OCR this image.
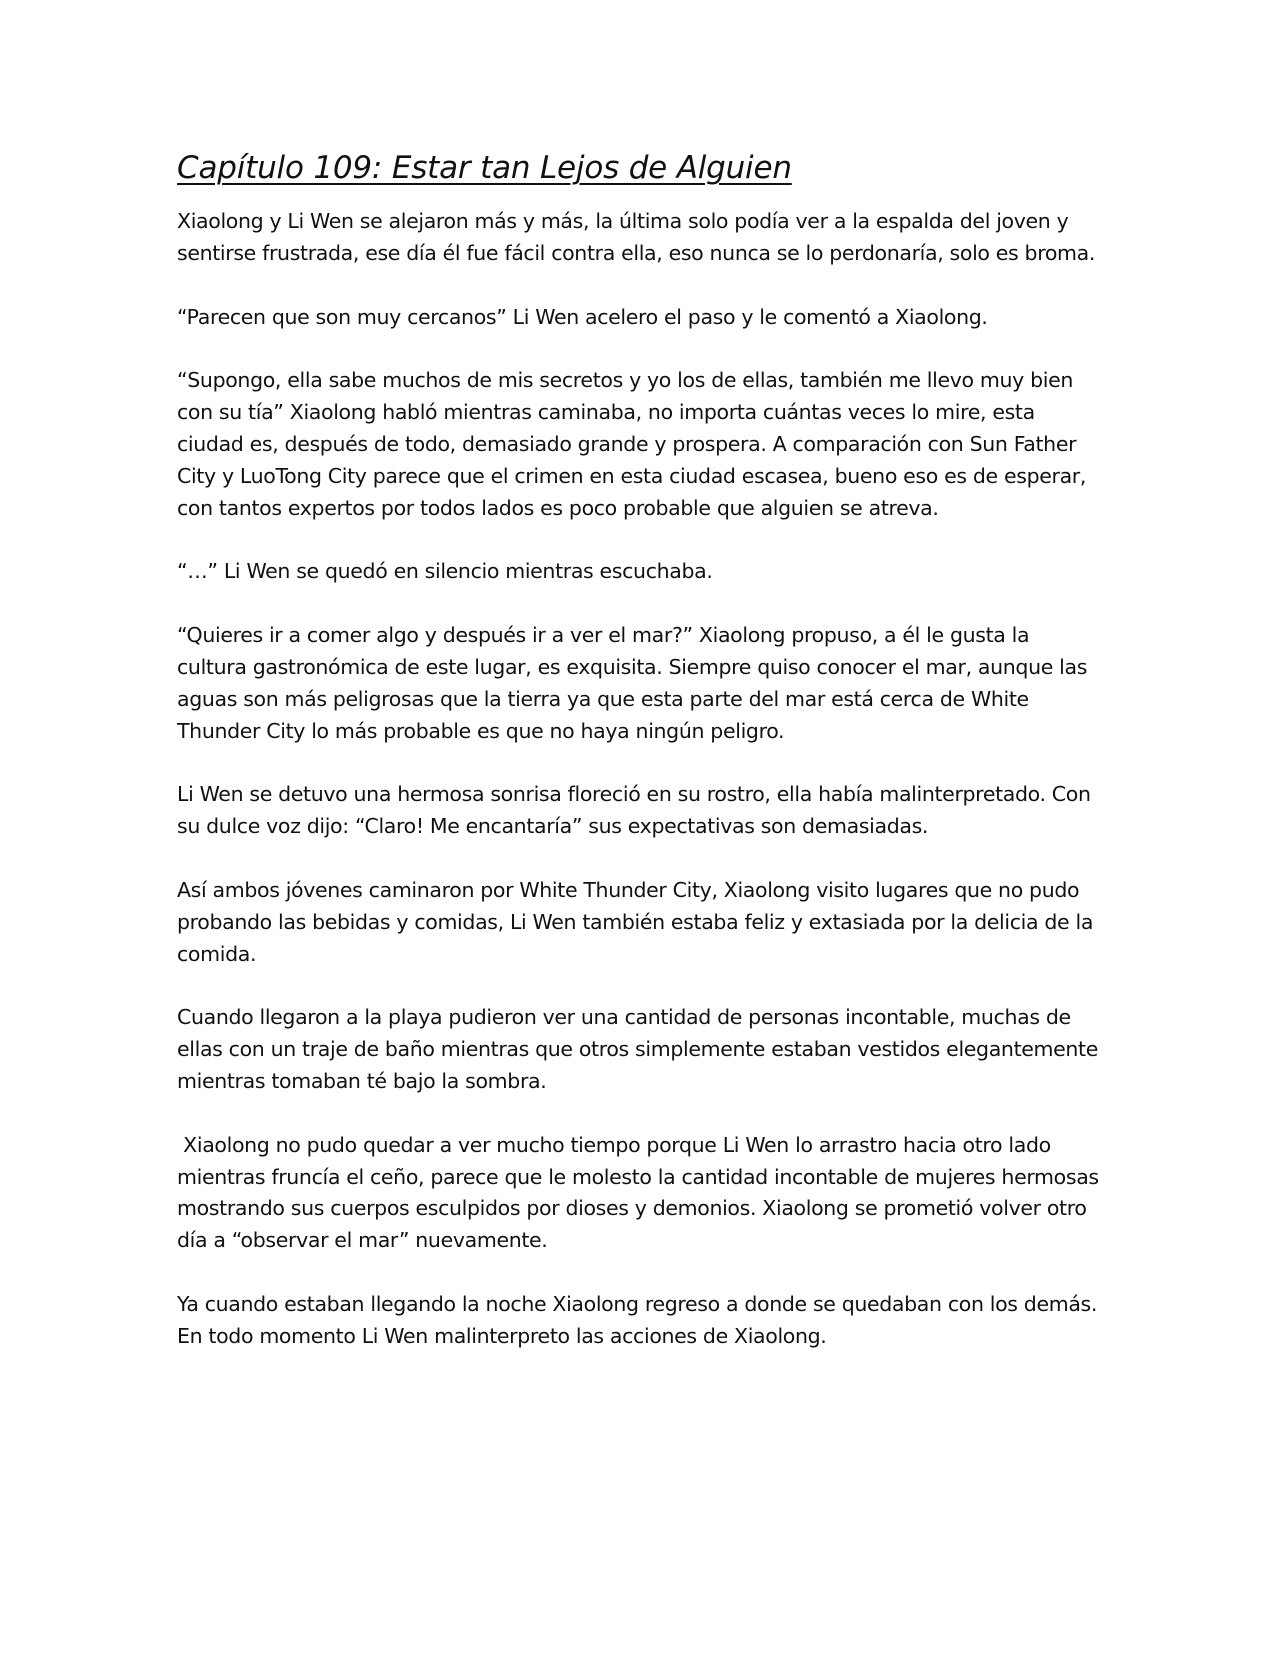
Capítulo 109: Estar tan Lejos de Alguien

Xiaolong y Li Wen se alejaron más y más, la última solo podía ver a la espalda del joven y sentirse frustrada, ese día él fue fácil contra ella, eso nunca se lo perdonaría, solo es broma.

“Parecen que son muy cercanos” Li Wen acelero el paso y le comentó a Xiaolong.

“Supongo, ella sabe muchos de mis secretos y yo los de ellas, también me llevo muy bien con su tía” Xiaolong habló mientras caminaba, no importa cuántas veces lo mire, esta ciudad es, después de todo, demasiado grande y prospera. A comparación con Sun Father City y LuoTong City parece que el crimen en esta ciudad escasea, bueno eso es de esperar, con tantos expertos por todos lados es poco probable que alguien se atreva.

“…” Li Wen se quedó en silencio mientras escuchaba.

“Quieres ir a comer algo y después ir a ver el mar?” Xiaolong propuso, a él le gusta la cultura gastronómica de este lugar, es exquisita. Siempre quiso conocer el mar, aunque las aguas son más peligrosas que la tierra ya que esta parte del mar está cerca de White Thunder City lo más probable es que no haya ningún peligro.

Li Wen se detuvo una hermosa sonrisa floreció en su rostro, ella había malinterpretado. Con su dulce voz dijo: “Claro! Me encantaría” sus expectativas son demasiadas.

Así ambos jóvenes caminaron por White Thunder City, Xiaolong visito lugares que no pudo probando las bebidas y comidas, Li Wen también estaba feliz y extasiada por la delicia de la comida.

Cuando llegaron a la playa pudieron ver una cantidad de personas incontable, muchas de ellas con un traje de baño mientras que otros simplemente estaban vestidos elegantemente mientras tomaban té bajo la sombra.

Xiaolong no pudo quedar a ver mucho tiempo porque Li Wen lo arrastro hacia otro lado mientras fruncía el ceño, parece que le molesto la cantidad incontable de mujeres hermosas mostrando sus cuerpos esculpidos por dioses y demonios. Xiaolong se prometió volver otro día a “observar el mar” nuevamente.

Ya cuando estaban llegando la noche Xiaolong regreso a donde se quedaban con los demás. En todo momento Li Wen malinterpreto las acciones de Xiaolong.
